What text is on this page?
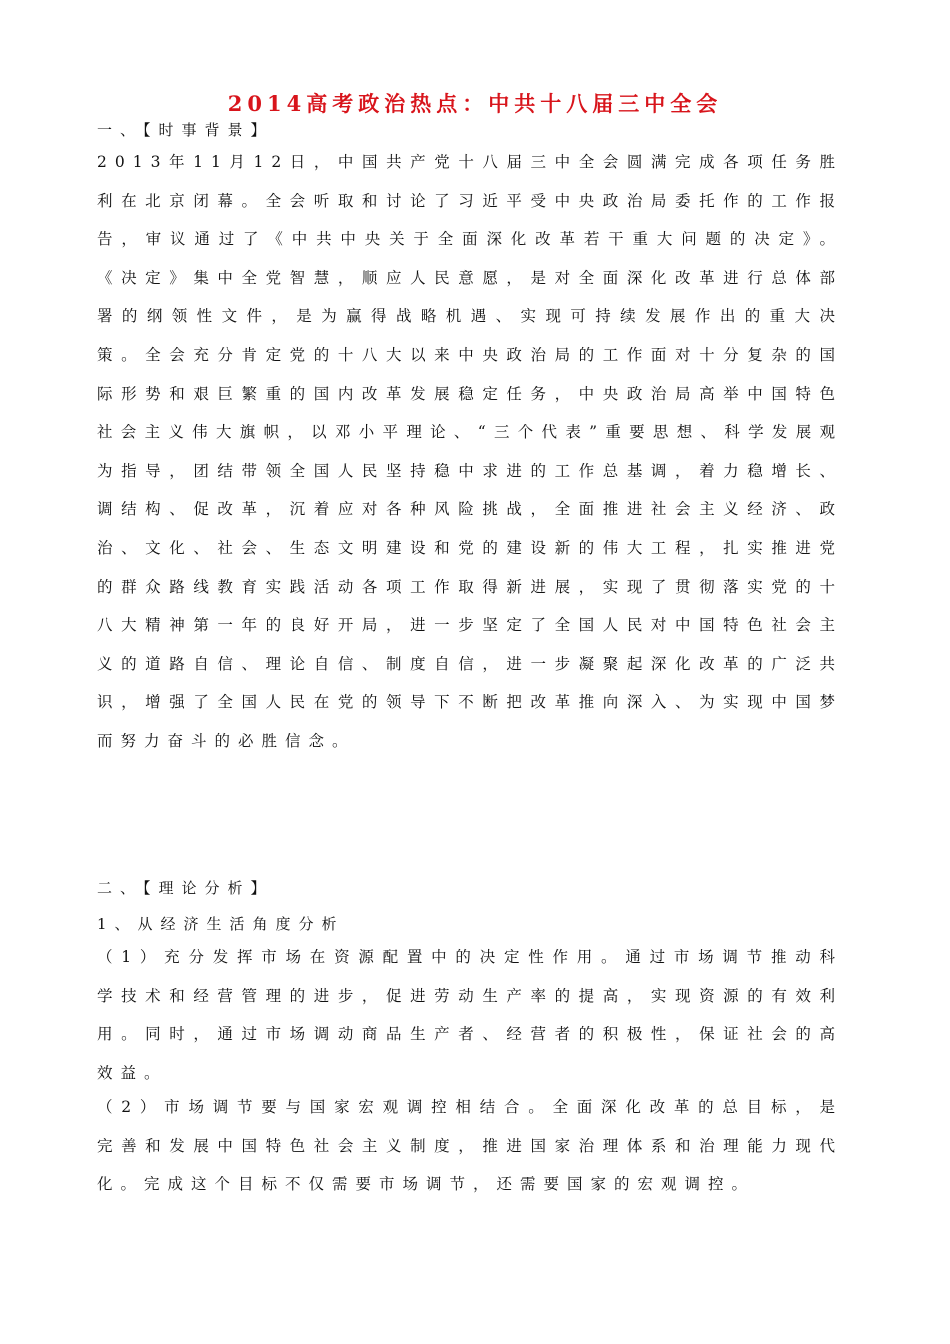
2014高考政治热点：中共十八届三中全会
一、【时事背景】

2013年11月12日，中国共产党十八届三中全会圆满完成各项任务胜利在北京闭幕。全会听取和讨论了习近平受中央政治局委托作的工作报告，审议通过了《中共中央关于全面深化改革若干重大问题的决定》。《决定》集中全党智慧，顺应人民意愿，是对全面深化改革进行总体部署的纲领性文件，是为赢得战略机遇、实现可持续发展作出的重大决策。全会充分肯定党的十八大以来中央政治局的工作面对十分复杂的国际形势和艰巨繁重的国内改革发展稳定任务，中央政治局高举中国特色社会主义伟大旗帜，以邓小平理论、“三个代表”重要思想、科学发展观为指导，团结带领全国人民坚持稳中求进的工作总基调，着力稳增长、调结构、促改革，沉着应对各种风险挑战，全面推进社会主义经济、政治、文化、社会、生态文明建设和党的建设新的伟大工程，扎实推进党的群众路线教育实践活动各项工作取得新进展，实现了贯彻落实党的十八大精神第一年的良好开局，进一步坚定了全国人民对中国特色社会主义的道路自信、理论自信、制度自信，进一步凝聚起深化改革的广泛共识，增强了全国人民在党的领导下不断把改革推向深入、为实现中国梦而努力奋斗的必胜信念。

二、【理论分析】
1、从经济生活角度分析

（1）充分发挥市场在资源配置中的决定性作用。通过市场调节推动科学技术和经营管理的进步，促进劳动生产率的提高，实现资源的有效利用。同时，通过市场调动商品生产者、经营者的积极性，保证社会的高效益。

（2）市场调节要与国家宏观调控相结合。全面深化改革的总目标，是完善和发展中国特色社会主义制度，推进国家治理体系和治理能力现代化。完成这个目标不仅需要市场调节，还需要国家的宏观调控。
